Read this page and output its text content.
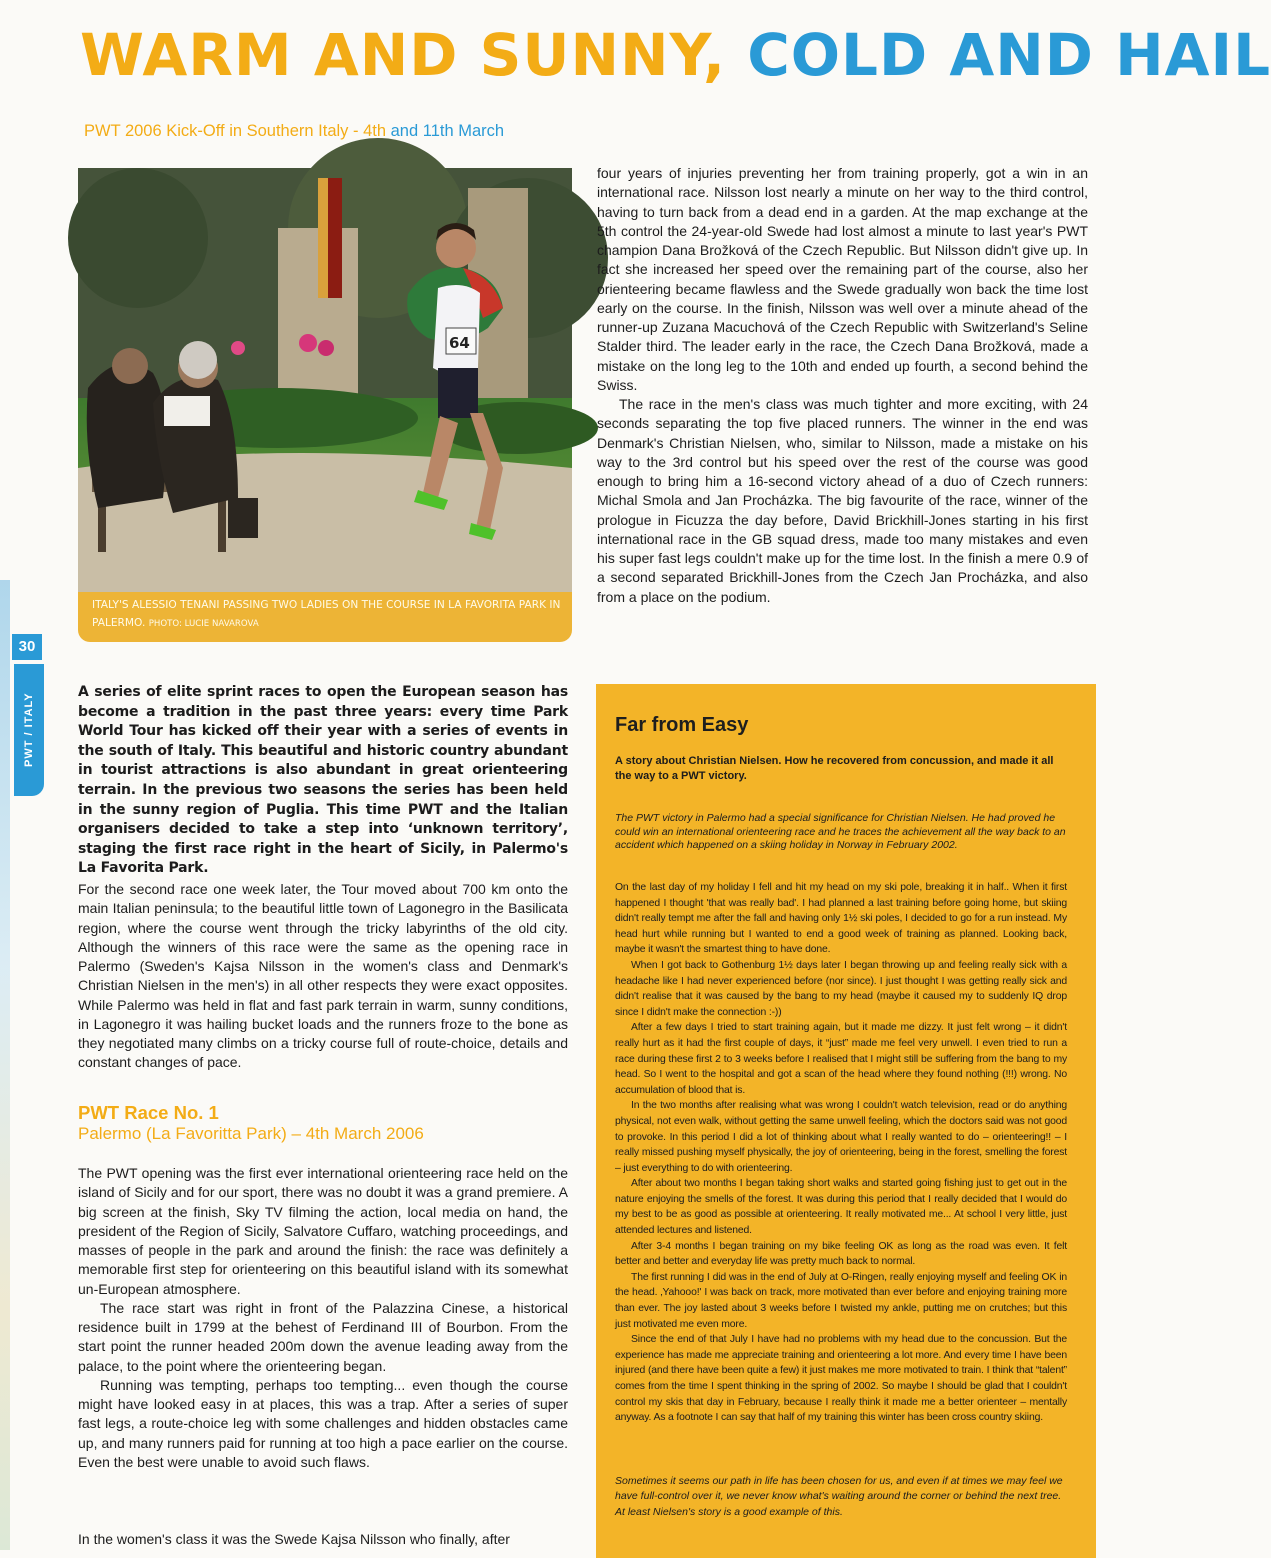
WARM AND SUNNY, COLD AND HAIL
PWT 2006 Kick-Off in Southern Italy - 4th and 11th March
64
ITALY'S ALESSIO TENANI PASSING TWO LADIES ON THE COURSE IN LA FAVORITA PARK IN PALERMO. PHOTO: LUCIE NAVAROVA
30
PWT / ITALY

four years of injuries preventing her from training properly, got a win in an international race. Nilsson lost nearly a minute on her way to the third control, having to turn back from a dead end in a garden. At the map exchange at the 5th control the 24-year-old Swede had lost almost a minute to last year's PWT champion Dana Brožková of the Czech Republic. But Nilsson didn't give up. In fact she increased her speed over the remaining part of the course, also her orienteering became flawless and the Swede gradually won back the time lost early on the course. In the finish, Nilsson was well over a minute ahead of the runner-up Zuzana Macuchová of the Czech Republic with Switzerland's Seline Stalder third. The leader early in the race, the Czech Dana Brožková, made a mistake on the long leg to the 10th and ended up fourth, a second behind the Swiss.

The race in the men's class was much tighter and more exciting, with 24 seconds separating the top five placed runners. The winner in the end was Denmark's Christian Nielsen, who, similar to Nilsson, made a mistake on his way to the 3rd control but his speed over the rest of the course was good enough to bring him a 16-second victory ahead of a duo of Czech runners: Michal Smola and Jan Procházka. The big favourite of the race, winner of the prologue in Ficuzza the day before, David Brickhill-Jones starting in his first international race in the GB squad dress, made too many mistakes and even his super fast legs couldn't make up for the time lost. In the finish a mere 0.9 of a second separated Brickhill-Jones from the Czech Jan Procházka, and also from a place on the podium.

A series of elite sprint races to open the European season has become a tradition in the past three years: every time Park World Tour has kicked off their year with a series of events in the south of Italy. This beautiful and historic country abundant in tourist attractions is also abundant in great orienteering terrain. In the previous two seasons the series has been held in the sunny region of Puglia. This time PWT and the Italian organisers decided to take a step into ‘unknown territory’, staging the first race right in the heart of Sicily, in Palermo's La Favorita Park.
For the second race one week later, the Tour moved about 700 km onto the main Italian peninsula; to the beautiful little town of Lagonegro in the Basilicata region, where the course went through the tricky labyrinths of the old city. Although the winners of this race were the same as the opening race in Palermo (Sweden's Kajsa Nilsson in the women's class and Denmark's Christian Nielsen in the men's) in all other respects they were exact opposites. While Palermo was held in flat and fast park terrain in warm, sunny conditions, in Lagonegro it was hailing bucket loads and the runners froze to the bone as they negotiated many climbs on a tricky course full of route-choice, details and constant changes of pace.
PWT Race No. 1
Palermo (La Favoritta Park) – 4th March 2006

The PWT opening was the first ever international orienteering race held on the island of Sicily and for our sport, there was no doubt it was a grand premiere. A big screen at the finish, Sky TV filming the action, local media on hand, the president of the Region of Sicily, Salvatore Cuffaro, watching proceedings, and masses of people in the park and around the finish: the race was definitely a memorable first step for orienteering on this beautiful island with its somewhat un-European atmosphere.

The race start was right in front of the Palazzina Cinese, a historical residence built in 1799 at the behest of Ferdinand III of Bourbon. From the start point the runner headed 200m down the avenue leading away from the palace, to the point where the orienteering began.

Running was tempting, perhaps too tempting... even though the course might have looked easy in at places, this was a trap. After a series of super fast legs, a route-choice leg with some challenges and hidden obstacles came up, and many runners paid for running at too high a pace earlier on the course. Even the best were unable to avoid such flaws.

In the women's class it was the Swede Kajsa Nilsson who finally, after
Far from Easy
A story about Christian Nielsen. How he recovered from concussion, and made it all the way to a PWT victory.
The PWT victory in Palermo had a special significance for Christian Nielsen. He had proved he could win an international orienteering race and he traces the achievement all the way back to an accident which happened on a skiing holiday in Norway in February 2002.

On the last day of my holiday I fell and hit my head on my ski pole, breaking it in half.. When it first happened I thought 'that was really bad'. I had planned a last training before going home, but skiing didn't really tempt me after the fall and having only 1½ ski poles, I decided to go for a run instead. My head hurt while running but I wanted to end a good week of training as planned. Looking back, maybe it wasn't the smartest thing to have done.

When I got back to Gothenburg 1½ days later I began throwing up and feeling really sick with a headache like I had never experienced before (nor since). I just thought I was getting really sick and didn't realise that it was caused by the bang to my head (maybe it caused my to suddenly IQ drop since I didn't make the connection :-))

After a few days I tried to start training again, but it made me dizzy. It just felt wrong – it didn't really hurt as it had the first couple of days, it “just” made me feel very unwell. I even tried to run a race during these first 2 to 3 weeks before I realised that I might still be suffering from the bang to my head. So I went to the hospital and got a scan of the head where they found nothing (!!!) wrong. No accumulation of blood that is.

In the two months after realising what was wrong I couldn't watch television, read or do anything physical, not even walk, without getting the same unwell feeling, which the doctors said was not good to provoke. In this period I did a lot of thinking about what I really wanted to do – orienteering!! – I really missed pushing myself physically, the joy of orienteering, being in the forest, smelling the forest – just everything to do with orienteering.

After about two months I began taking short walks and started going fishing just to get out in the nature enjoying the smells of the forest. It was during this period that I really decided that I would do my best to be as good as possible at orienteering. It really motivated me... At school I very little, just attended lectures and listened.

After 3-4 months I began training on my bike feeling OK as long as the road was even. It felt better and better and everyday life was pretty much back to normal.

The first running I did was in the end of July at O-Ringen, really enjoying myself and feeling OK in the head. ‚Yahooo!' I was back on track, more motivated than ever before and enjoying training more than ever. The joy lasted about 3 weeks before I twisted my ankle, putting me on crutches; but this just motivated me even more.

Since the end of that July I have had no problems with my head due to the concussion. But the experience has made me appreciate training and orienteering a lot more. And every time I have been injured (and there have been quite a few) it just makes me more motivated to train. I think that “talent” comes from the time I spent thinking in the spring of 2002. So maybe I should be glad that I couldn't control my skis that day in February, because I really think it made me a better orienteer – mentally anyway. As a footnote I can say that half of my training this winter has been cross country skiing.

Sometimes it seems our path in life has been chosen for us, and even if at times we may feel we have full-control over it, we never know what's waiting around the corner or behind the next tree. At least Nielsen's story is a good example of this.
